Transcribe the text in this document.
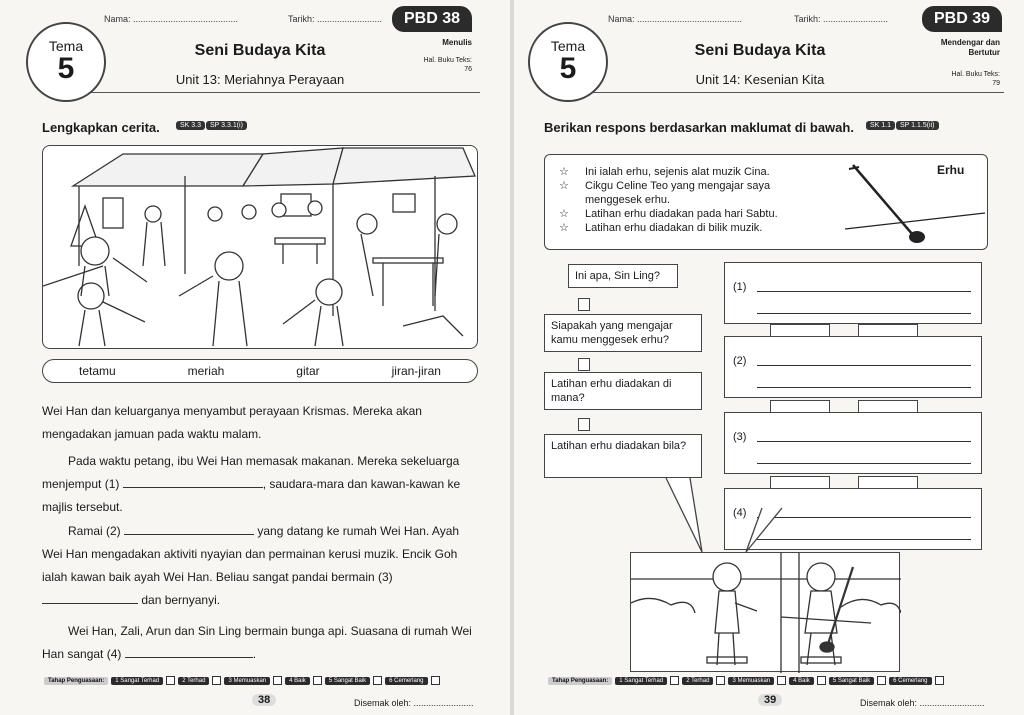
Nama: ..........................................	Tarikh: ..........................	PBD 38
Tema
5
Seni Budaya Kita
Unit 13: Meriahnya Perayaan
Menulis
Hal. Buku Teks:
76
Lengkapkan cerita.	SK 3.3	SP 3.3.1(i)
tetamu	meriah	gitar	jiran-jiran
Wei Han dan keluarganya menyambut perayaan Krismas. Mereka akan mengadakan jamuan pada waktu malam.
Pada waktu petang, ibu Wei Han memasak makanan. Mereka sekeluarga menjemput (1)	, saudara-mara dan kawan-kawan ke majlis tersebut.
Ramai (2)	yang datang ke rumah Wei Han. Ayah Wei Han mengadakan aktiviti nyayian dan permainan kerusi muzik. Encik Goh ialah kawan baik ayah Wei Han. Beliau sangat pandai bermain (3)  dan bernyanyi.
Wei Han, Zali, Arun dan Sin Ling bermain bunga api. Suasana di rumah Wei Han sangat (4)	.
Tahap Penguasaan:	1 Sangat Terhad	2 Terhad	3 Memuaskan	4 Baik	5 Sangat Baik	6 Cemerlang
38	Disemak oleh: ........................
Nama: ..........................................	Tarikh: ..........................	PBD 39
Tema
5
Seni Budaya Kita
Unit 14: Kesenian Kita
Mendengar dan
Bertutur
Hal. Buku Teks:
79
Berikan respons berdasarkan maklumat di bawah.	SK 1.1	SP 1.1.5(ii)
☆ Ini ialah erhu, sejenis alat muzik Cina.
☆ Cikgu Celine Teo yang mengajar saya menggesek erhu.
☆ Latihan erhu diadakan pada hari Sabtu.
☆ Latihan erhu diadakan di bilik muzik.
Erhu
Ini apa, Sin Ling?
Siapakah yang mengajar kamu menggesek erhu?
Latihan erhu diadakan di mana?
Latihan erhu diadakan bila?
(1)
(2)
(3)
(4)
Tahap Penguasaan:	1 Sangat Terhad	2 Terhad	3 Memuaskan	4 Baik	5 Sangat Baik	6 Cemerlang
39	Disemak oleh: ..........................
